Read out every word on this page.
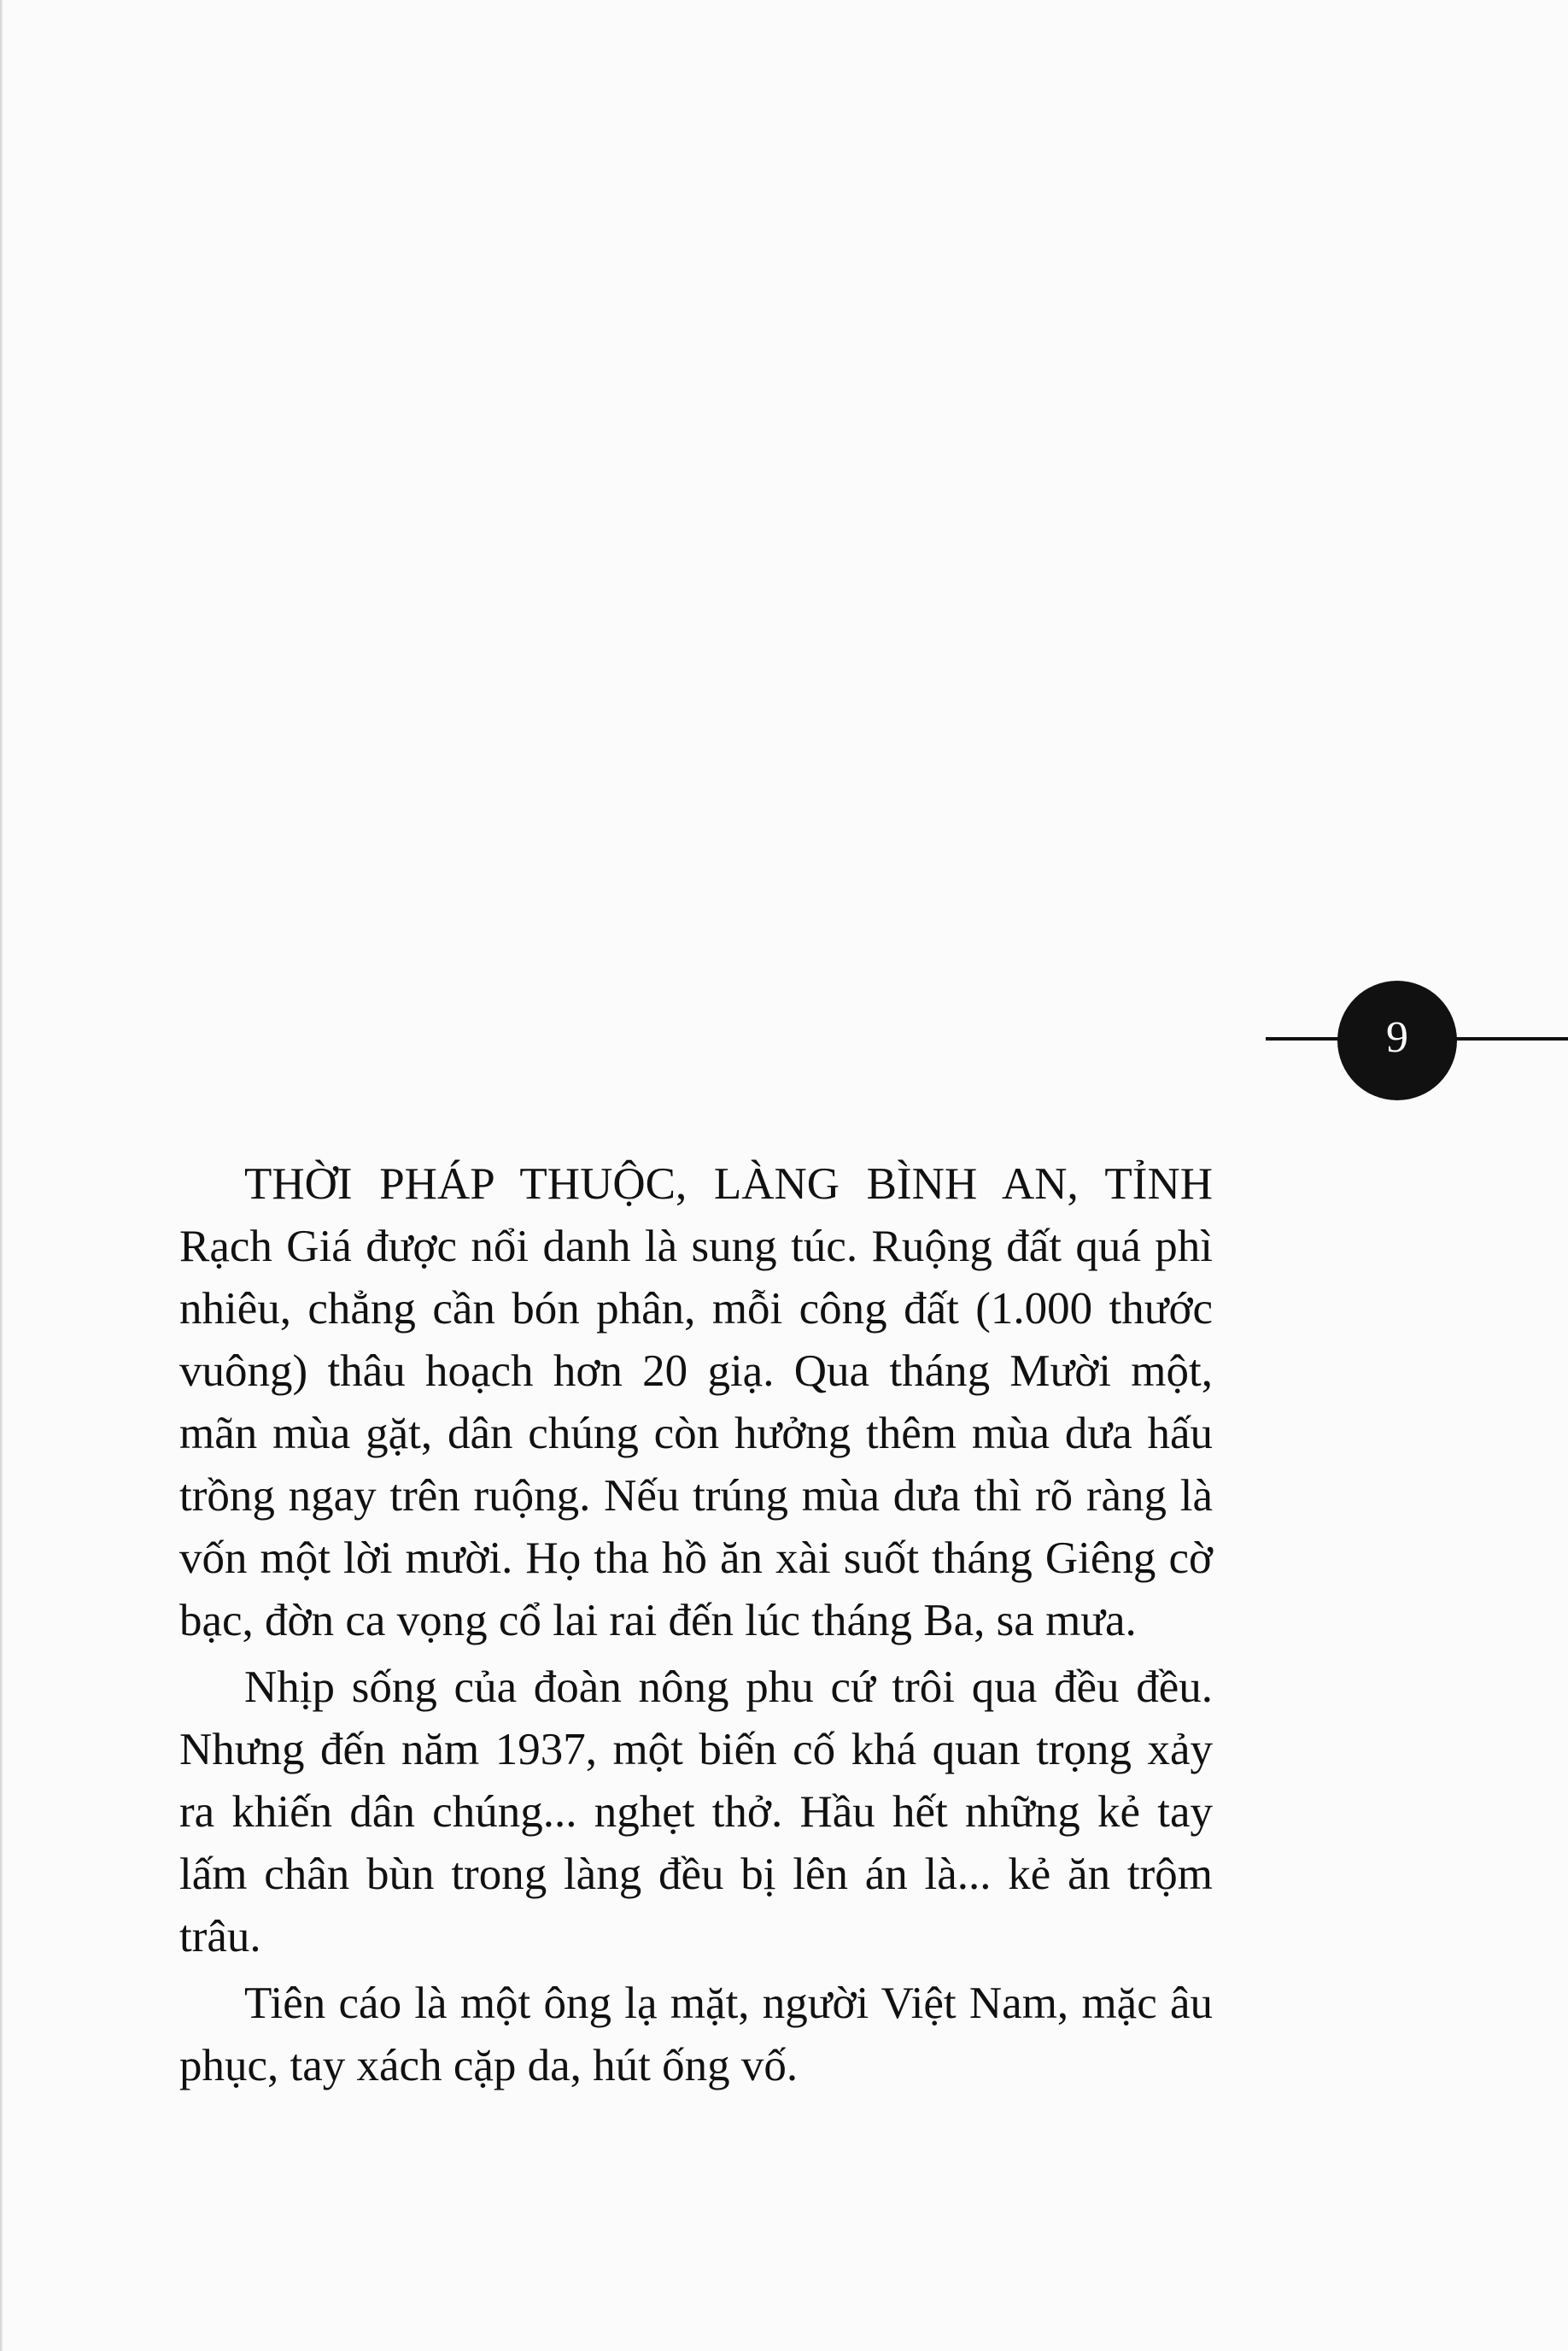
9

THỜI PHÁP THUỘC, LÀNG BÌNH AN, TỈNH Rạch Giá được nổi danh là sung túc. Ruộng đất quá phì nhiêu, chẳng cần bón phân, mỗi công đất (1.000 thước vuông) thâu hoạch hơn 20 giạ. Qua tháng Mười một, mãn mùa gặt, dân chúng còn hưởng thêm mùa dưa hấu trồng ngay trên ruộng. Nếu trúng mùa dưa thì rõ ràng là vốn một lời mười. Họ tha hồ ăn xài suốt tháng Giêng cờ bạc, đờn ca vọng cổ lai rai đến lúc tháng Ba, sa mưa.

Nhịp sống của đoàn nông phu cứ trôi qua đều đều. Nhưng đến năm 1937, một biến cố khá quan trọng xảy ra khiến dân chúng... nghẹt thở. Hầu hết những kẻ tay lấm chân bùn trong làng đều bị lên án là... kẻ ăn trộm trâu.

Tiên cáo là một ông lạ mặt, người Việt Nam, mặc âu phục, tay xách cặp da, hút ống vố.
